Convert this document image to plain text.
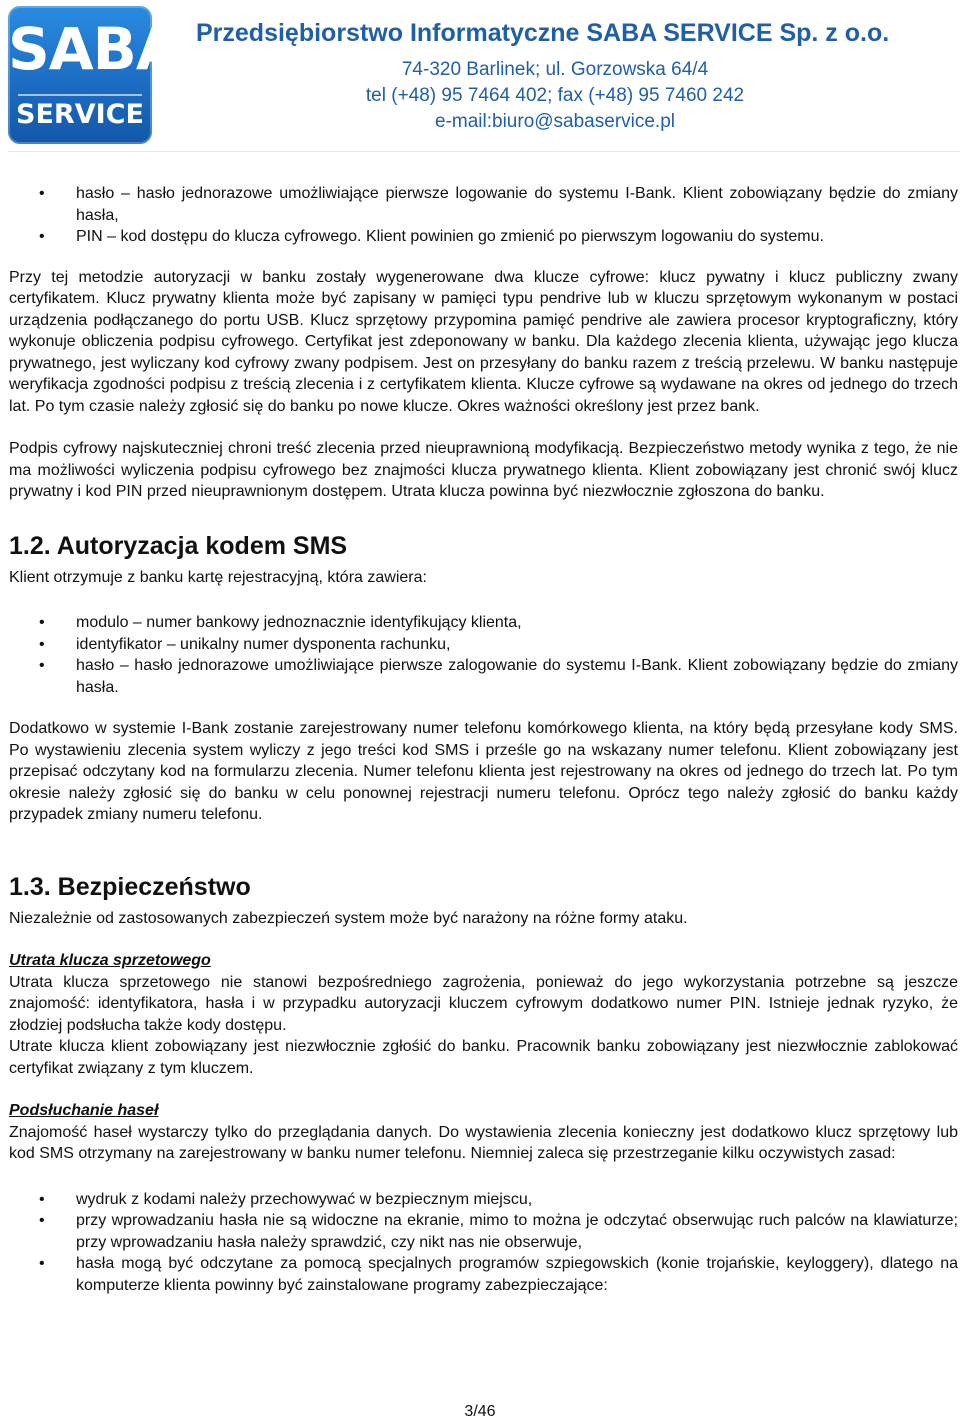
SABA
SERVICE
Przedsiębiorstwo Informatyczne SABA SERVICE Sp. z o.o.
74-320 Barlinek; ul. Gorzowska 64/4
tel (+48) 95 7464 402; fax (+48) 95 7460 242
e-mail:biuro@sabaservice.pl
• hasło – hasło jednorazowe umożliwiające pierwsze logowanie do systemu I-Bank. Klient zobowiązany będzie do zmiany hasła,
• PIN – kod dostępu do klucza cyfrowego. Klient powinien go zmienić po pierwszym logowaniu do systemu.

Przy tej metodzie autoryzacji w banku zostały wygenerowane dwa klucze cyfrowe: klucz pywatny i klucz publiczny zwany certyfikatem. Klucz prywatny klienta może być zapisany w pamięci typu pendrive lub w kluczu sprzętowym wykonanym w postaci urządzenia podłączanego do portu USB. Klucz sprzętowy przypomina pamięć pendrive ale zawiera procesor kryptograficzny, który wykonuje obliczenia podpisu cyfrowego. Certyfikat jest zdeponowany w banku. Dla każdego zlecenia klienta, używając jego klucza prywatnego, jest wyliczany kod cyfrowy zwany podpisem. Jest on przesyłany do banku razem z treścią przelewu. W banku następuje weryfikacja zgodności podpisu z treścią zlecenia i z certyfikatem klienta. Klucze cyfrowe są wydawane na okres od jednego do trzech lat. Po tym czasie należy zgłosić się do banku po nowe klucze. Okres ważności określony jest przez bank.

Podpis cyfrowy najskuteczniej chroni treść zlecenia przed nieuprawnioną modyfikacją. Bezpieczeństwo metody wynika z tego, że nie ma możliwości wyliczenia podpisu cyfrowego bez znajmości klucza prywatnego klienta. Klient zobowiązany jest chronić swój klucz prywatny i kod PIN przed nieuprawnionym dostępem. Utrata klucza powinna być niezwłocznie zgłoszona do banku.

1.2. Autoryzacja kodem SMS

Klient otrzymuje z banku kartę rejestracyjną, która zawiera:

• modulo – numer bankowy jednoznacznie identyfikujący klienta,
• identyfikator – unikalny numer dysponenta rachunku,
• hasło – hasło jednorazowe umożliwiające pierwsze zalogowanie do systemu I-Bank. Klient zobowiązany będzie do zmiany hasła.

Dodatkowo w systemie I-Bank zostanie zarejestrowany numer telefonu komórkowego klienta, na który będą przesyłane kody SMS. Po wystawieniu zlecenia system wyliczy z jego treści kod SMS i prześle go na wskazany numer telefonu. Klient zobowiązany jest przepisać odczytany kod na formularzu zlecenia. Numer telefonu klienta jest rejestrowany na okres od jednego do trzech lat. Po tym okresie należy zgłosić się do banku w celu ponownej rejestracji numeru telefonu. Oprócz tego należy zgłosić do banku każdy przypadek zmiany numeru telefonu.

1.3. Bezpieczeństwo

Niezależnie od zastosowanych zabezpieczeń system może być narażony na różne formy ataku.

Utrata klucza sprzetowego

Utrata klucza sprzetowego nie stanowi bezpośredniego zagrożenia, ponieważ do jego wykorzystania potrzebne są jeszcze znajomość: identyfikatora, hasła i w przypadku autoryzacji kluczem cyfrowym dodatkowo numer PIN. Istnieje jednak ryzyko, że złodziej podsłucha także kody dostępu.

Utrate klucza klient zobowiązany jest niezwłocznie zgłośić do banku. Pracownik banku zobowiązany jest niezwłocznie zablokować certyfikat związany z tym kluczem.

Podsłuchanie haseł

Znajomość haseł wystarczy tylko do przeglądania danych. Do wystawienia zlecenia konieczny jest dodatkowo klucz sprzętowy lub kod SMS otrzymany na zarejestrowany w banku numer telefonu. Niemniej zaleca się przestrzeganie kilku oczywistych zasad:

• wydruk z kodami należy przechowywać w bezpiecznym miejscu,
• przy wprowadzaniu hasła nie są widoczne na ekranie, mimo to można je odczytać obserwując ruch palców na klawiaturze; przy wprowadzaniu hasła należy sprawdzić, czy nikt nas nie obserwuje,
• hasła mogą być odczytane za pomocą specjalnych programów szpiegowskich (konie trojańskie, keyloggery), dlatego na komputerze klienta powinny być zainstalowane programy zabezpieczające:
3/46
